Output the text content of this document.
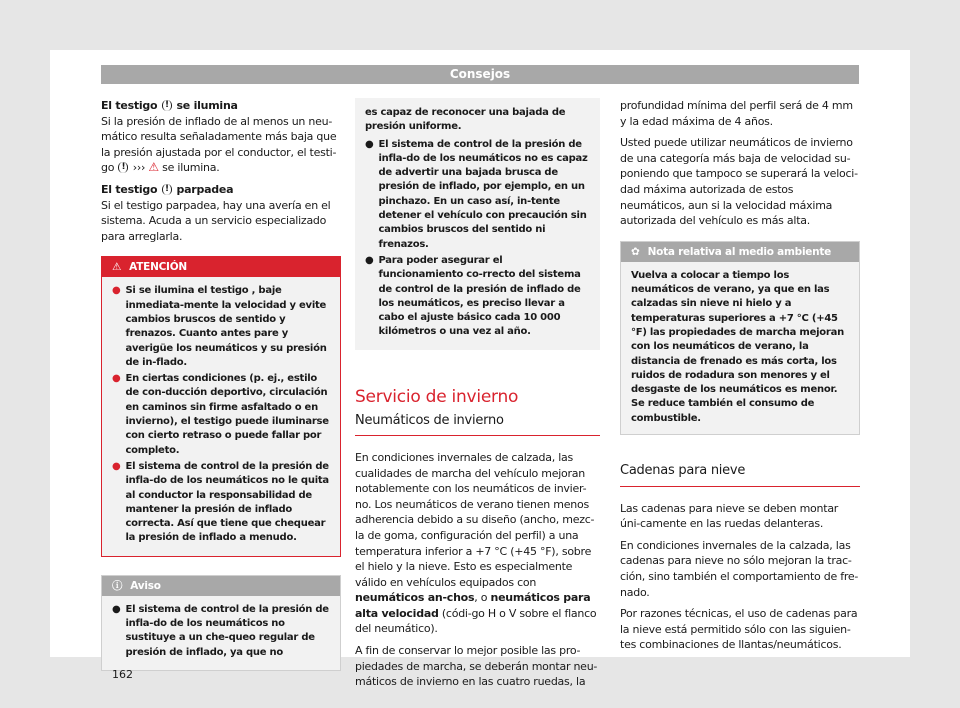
Consejos

El testigo ! se ilumina

Si la presión de inflado de al menos un neu-mático resulta señaladamente más baja que la presión ajustada por el conductor, el testi-go ! ››› ⚠ se ilumina.

El testigo ! parpadea

Si el testigo parpadea, hay una avería en el sistema. Acuda a un servicio especializado para arreglarla.

⚠ ATENCIÓN
● Si se ilumina el testigo , baje inmediata-mente la velocidad y evite cambios bruscos de sentido y frenazos. Cuanto antes pare y averigüe los neumáticos y su presión de in-flado.
● En ciertas condiciones (p. ej., estilo de con-ducción deportivo, circulación en caminos sin firme asfaltado o en invierno), el testigo puede iluminarse con cierto retraso o puede fallar por completo.
● El sistema de control de la presión de infla-do de los neumáticos no le quita al conductor la responsabilidad de mantener la presión de inflado correcta. Así que tiene que chequear la presión de inflado a menudo.
ⓘ Aviso
● El sistema de control de la presión de infla-do de los neumáticos no sustituye a un che-queo regular de presión de inflado, ya que no
es capaz de reconocer una bajada de presión uniforme.
● El sistema de control de la presión de infla-do de los neumáticos no es capaz de advertir una bajada brusca de presión de inflado, por ejemplo, en un pinchazo. En un caso así, in-tente detener el vehículo con precaución sin cambios bruscos del sentido ni frenazos.
● Para poder asegurar el funcionamiento co-rrecto del sistema de control de la presión de inflado de los neumáticos, es preciso llevar a cabo el ajuste básico cada 10 000 kilómetros o una vez al año.
Servicio de invierno
Neumáticos de invierno

En condiciones invernales de calzada, las cualidades de marcha del vehículo mejoran notablemente con los neumáticos de invier-no. Los neumáticos de verano tienen menos adherencia debido a su diseño (ancho, mezc-la de goma, configuración del perfil) a una temperatura inferior a +7 °C (+45 °F), sobre el hielo y la nieve. Esto es especialmente válido en vehículos equipados con neumáticos an-chos, o neumáticos para alta velocidad (códi-go H o V sobre el flanco del neumático).

A fin de conservar lo mejor posible las pro-piedades de marcha, se deberán montar neu-máticos de invierno en las cuatro ruedas, la

profundidad mínima del perfil será de 4 mm y la edad máxima de 4 años.

Usted puede utilizar neumáticos de invierno de una categoría más baja de velocidad su-poniendo que tampoco se superará la veloci-dad máxima autorizada de estos neumáticos, aun si la velocidad máxima autorizada del vehículo es más alta.

✿ Nota relativa al medio ambiente
Vuelva a colocar a tiempo los neumáticos de verano, ya que en las calzadas sin nieve ni hielo y a temperaturas superiores a +7 °C (+45 °F) las propiedades de marcha mejoran con los neumáticos de verano, la distancia de frenado es más corta, los ruidos de rodadura son menores y el desgaste de los neumáticos es menor. Se reduce también el consumo de combustible.
Cadenas para nieve

Las cadenas para nieve se deben montar úni-camente en las ruedas delanteras.

En condiciones invernales de la calzada, las cadenas para nieve no sólo mejoran la trac-ción, sino también el comportamiento de fre-nado.

Por razones técnicas, el uso de cadenas para la nieve está permitido sólo con las siguien-tes combinaciones de llantas/neumáticos.

162
